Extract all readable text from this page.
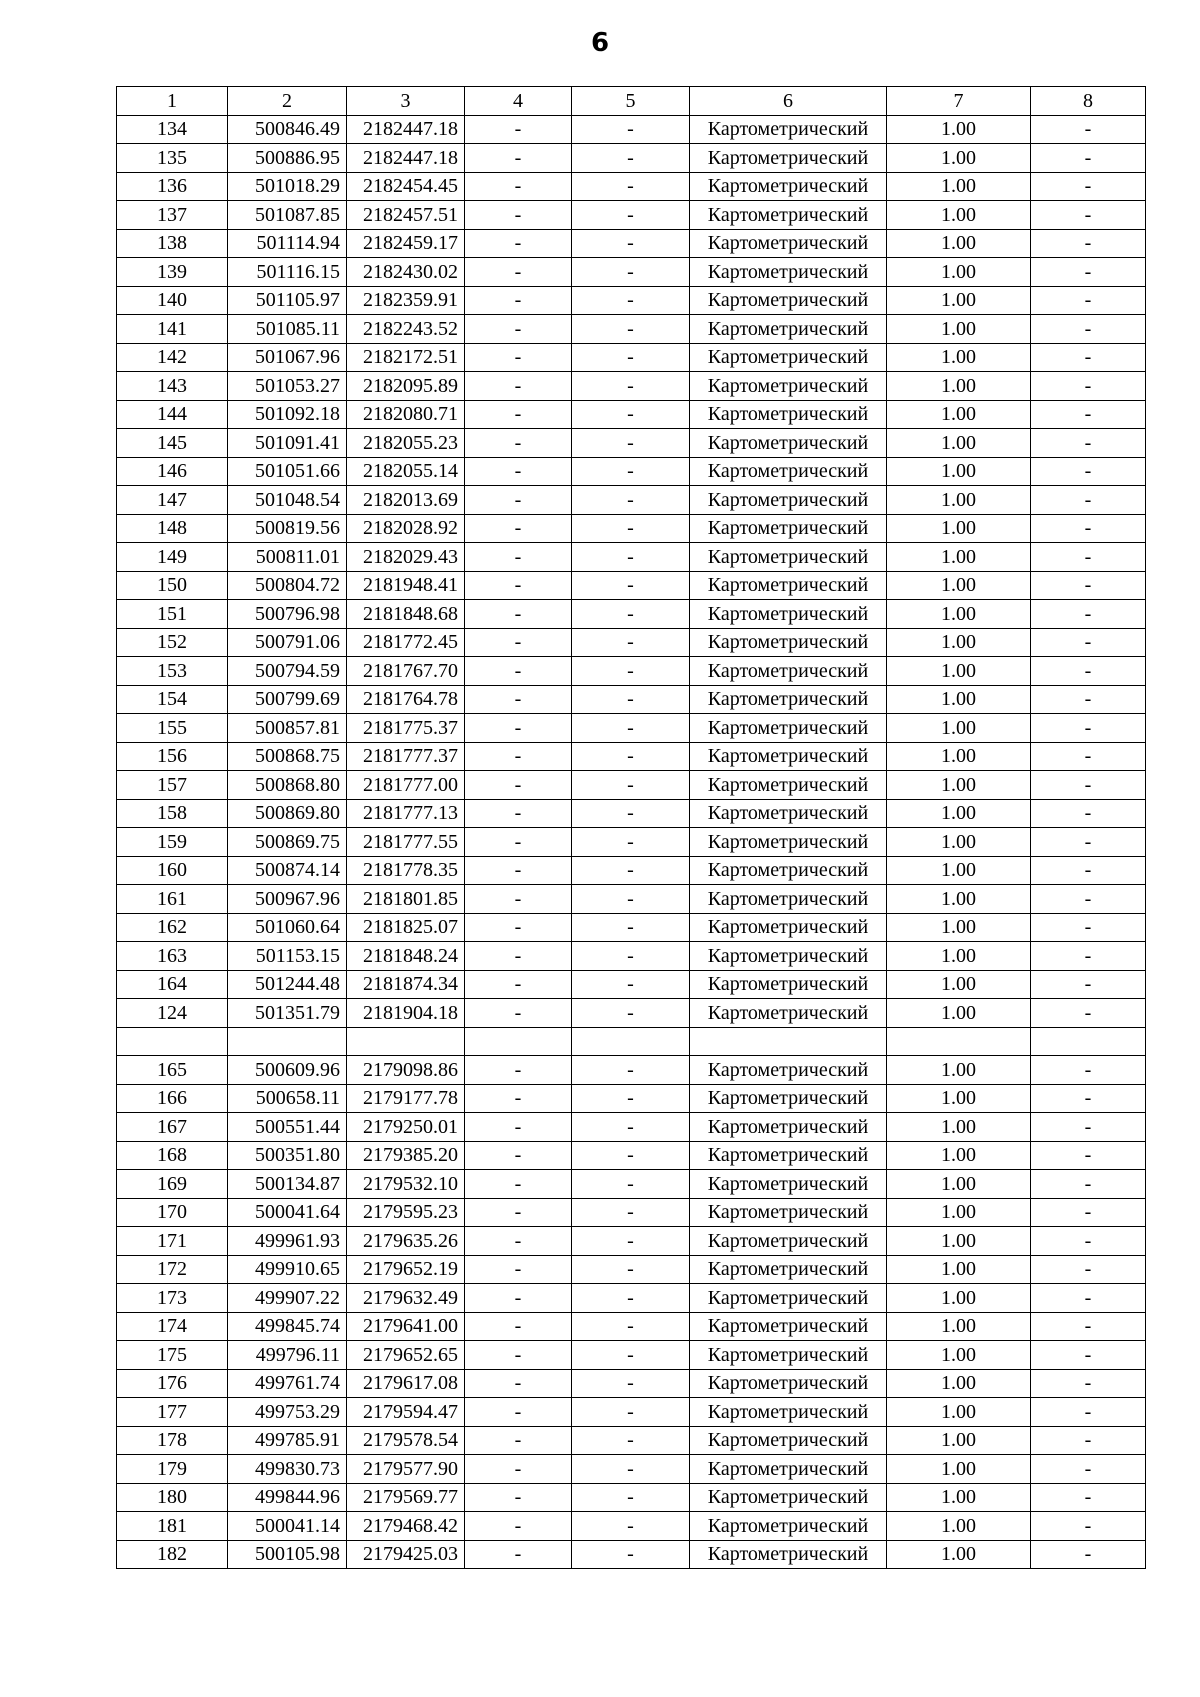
6
1	2	3	4	5	6	7	8
134	500846.49	2182447.18	-	-	Картометрический	1.00	-
135	500886.95	2182447.18	-	-	Картометрический	1.00	-
136	501018.29	2182454.45	-	-	Картометрический	1.00	-
137	501087.85	2182457.51	-	-	Картометрический	1.00	-
138	501114.94	2182459.17	-	-	Картометрический	1.00	-
139	501116.15	2182430.02	-	-	Картометрический	1.00	-
140	501105.97	2182359.91	-	-	Картометрический	1.00	-
141	501085.11	2182243.52	-	-	Картометрический	1.00	-
142	501067.96	2182172.51	-	-	Картометрический	1.00	-
143	501053.27	2182095.89	-	-	Картометрический	1.00	-
144	501092.18	2182080.71	-	-	Картометрический	1.00	-
145	501091.41	2182055.23	-	-	Картометрический	1.00	-
146	501051.66	2182055.14	-	-	Картометрический	1.00	-
147	501048.54	2182013.69	-	-	Картометрический	1.00	-
148	500819.56	2182028.92	-	-	Картометрический	1.00	-
149	500811.01	2182029.43	-	-	Картометрический	1.00	-
150	500804.72	2181948.41	-	-	Картометрический	1.00	-
151	500796.98	2181848.68	-	-	Картометрический	1.00	-
152	500791.06	2181772.45	-	-	Картометрический	1.00	-
153	500794.59	2181767.70	-	-	Картометрический	1.00	-
154	500799.69	2181764.78	-	-	Картометрический	1.00	-
155	500857.81	2181775.37	-	-	Картометрический	1.00	-
156	500868.75	2181777.37	-	-	Картометрический	1.00	-
157	500868.80	2181777.00	-	-	Картометрический	1.00	-
158	500869.80	2181777.13	-	-	Картометрический	1.00	-
159	500869.75	2181777.55	-	-	Картометрический	1.00	-
160	500874.14	2181778.35	-	-	Картометрический	1.00	-
161	500967.96	2181801.85	-	-	Картометрический	1.00	-
162	501060.64	2181825.07	-	-	Картометрический	1.00	-
163	501153.15	2181848.24	-	-	Картометрический	1.00	-
164	501244.48	2181874.34	-	-	Картометрический	1.00	-
124	501351.79	2181904.18	-	-	Картометрический	1.00	-

165	500609.96	2179098.86	-	-	Картометрический	1.00	-
166	500658.11	2179177.78	-	-	Картометрический	1.00	-
167	500551.44	2179250.01	-	-	Картометрический	1.00	-
168	500351.80	2179385.20	-	-	Картометрический	1.00	-
169	500134.87	2179532.10	-	-	Картометрический	1.00	-
170	500041.64	2179595.23	-	-	Картометрический	1.00	-
171	499961.93	2179635.26	-	-	Картометрический	1.00	-
172	499910.65	2179652.19	-	-	Картометрический	1.00	-
173	499907.22	2179632.49	-	-	Картометрический	1.00	-
174	499845.74	2179641.00	-	-	Картометрический	1.00	-
175	499796.11	2179652.65	-	-	Картометрический	1.00	-
176	499761.74	2179617.08	-	-	Картометрический	1.00	-
177	499753.29	2179594.47	-	-	Картометрический	1.00	-
178	499785.91	2179578.54	-	-	Картометрический	1.00	-
179	499830.73	2179577.90	-	-	Картометрический	1.00	-
180	499844.96	2179569.77	-	-	Картометрический	1.00	-
181	500041.14	2179468.42	-	-	Картометрический	1.00	-
182	500105.98	2179425.03	-	-	Картометрический	1.00	-
